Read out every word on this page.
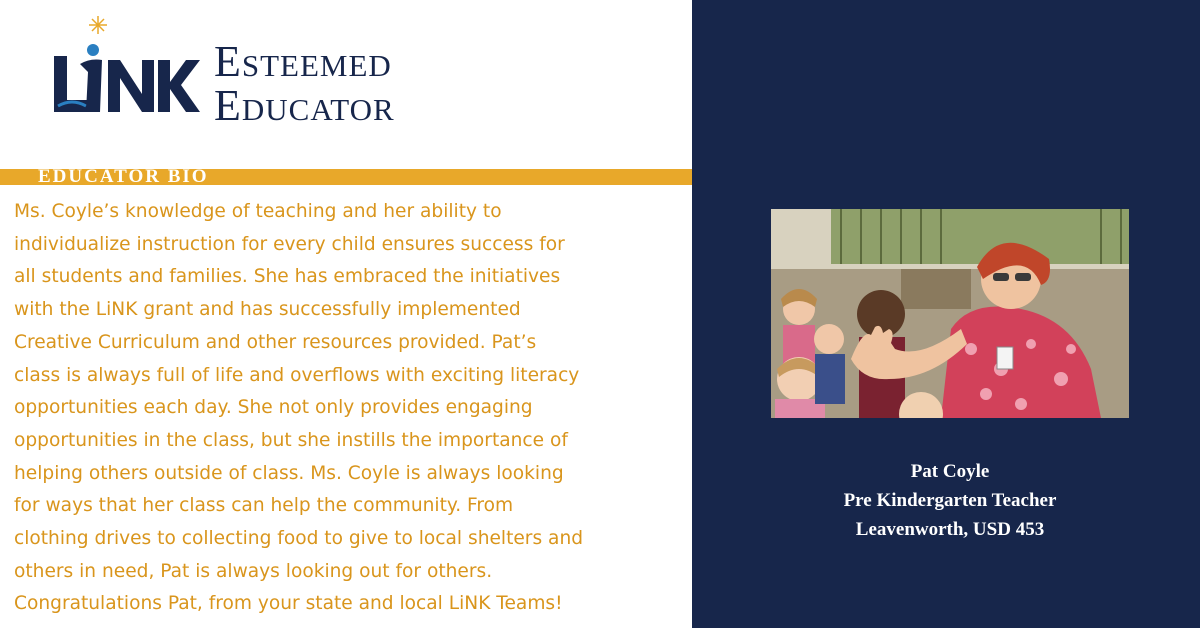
Esteemed
Educator
EDUCATOR BIO
Ms. Coyle’s knowledge of teaching and her ability to
individualize instruction for every child ensures success for
all students and families. She has embraced the initiatives
with the LiNK grant and has successfully implemented
Creative Curriculum and other resources provided. Pat’s
class is always full of life and overflows with exciting literacy
opportunities each day. She not only provides engaging
opportunities in the class, but she instills the importance of
helping others outside of class. Ms. Coyle is always looking
for ways that her class can help the community. From
clothing drives to collecting food to give to local shelters and
others in need, Pat is always looking out for others.
Congratulations Pat, from your state and local LiNK Teams!
Pat Coyle
Pre Kindergarten Teacher
Leavenworth, USD 453
